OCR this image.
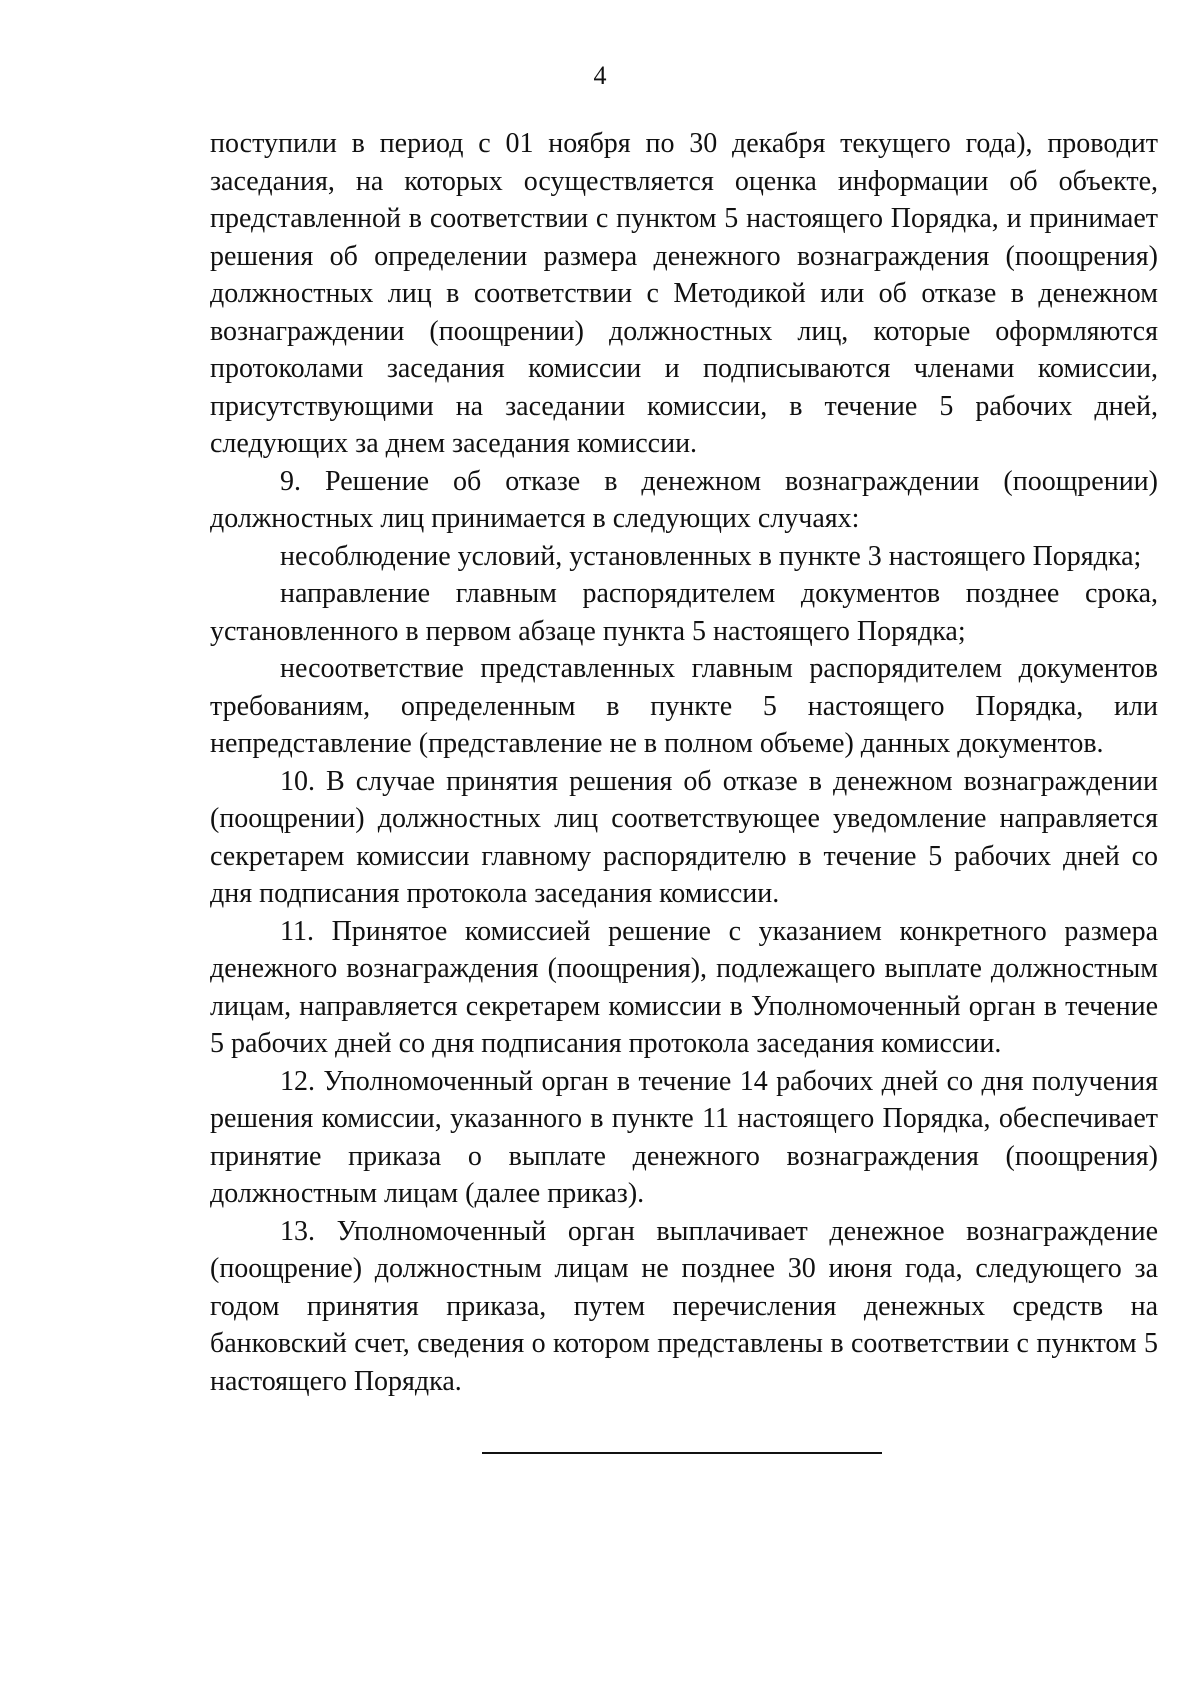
4

поступили в период с 01 ноября по 30 декабря текущего года), проводит заседания, на которых осуществляется оценка информации об объекте, представленной в соответствии с пунктом 5 настоящего Порядка, и принимает решения об определении размера денежного вознаграждения (поощрения) должностных лиц в соответствии с Методикой или об отказе в денежном вознаграждении (поощрении) должностных лиц, которые оформляются протоколами заседания комиссии и подписываются членами комиссии, присутствующими на заседании комиссии, в течение 5 рабочих дней, следующих за днем заседания комиссии.

9. Решение об отказе в денежном вознаграждении (поощрении) должностных лиц принимается в следующих случаях:

несоблюдение условий, установленных в пункте 3 настоящего Порядка;

направление главным распорядителем документов позднее срока, установленного в первом абзаце пункта 5 настоящего Порядка;

несоответствие представленных главным распорядителем документов требованиям, определенным в пункте 5 настоящего Порядка, или непредставление (представление не в полном объеме) данных документов.

10. В случае принятия решения об отказе в денежном вознаграждении (поощрении) должностных лиц соответствующее уведомление направляется секретарем комиссии главному распорядителю в течение 5 рабочих дней со дня подписания протокола заседания комиссии.

11. Принятое комиссией решение с указанием конкретного размера денежного вознаграждения (поощрения), подлежащего выплате должностным лицам, направляется секретарем комиссии в Уполномоченный орган в течение 5 рабочих дней со дня подписания протокола заседания комиссии.

12. Уполномоченный орган в течение 14 рабочих дней со дня получения решения комиссии, указанного в пункте 11 настоящего Порядка, обеспечивает принятие приказа о выплате денежного вознаграждения (поощрения) должностным лицам (далее приказ).

13. Уполномоченный орган выплачивает денежное вознаграждение (поощрение) должностным лицам не позднее 30 июня года, следующего за годом принятия приказа, путем перечисления денежных средств на банковский счет, сведения о котором представлены в соответствии с пунктом 5 настоящего Порядка.
